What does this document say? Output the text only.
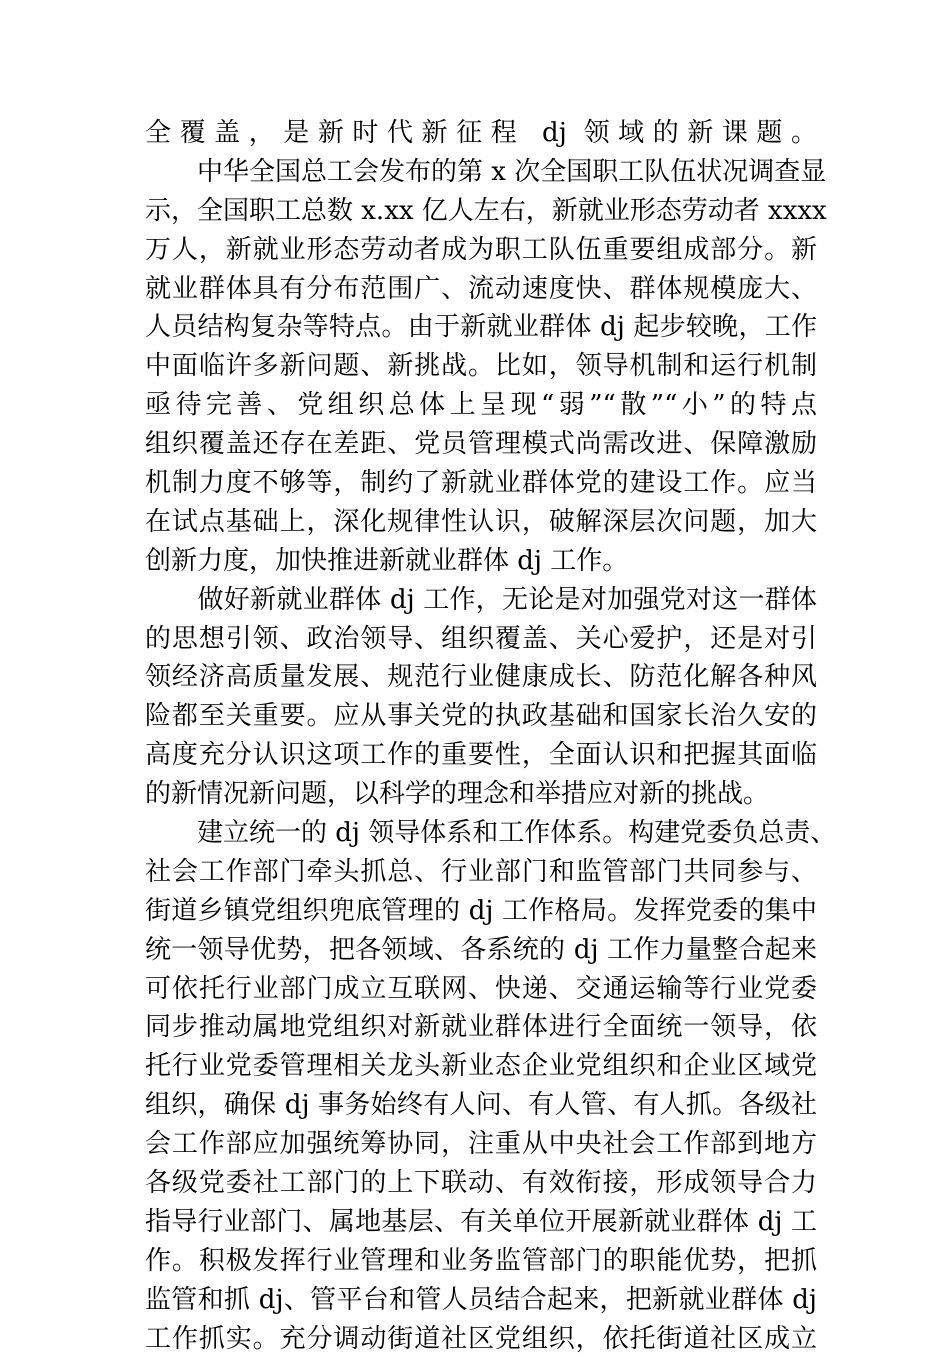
全覆盖，是新时代新征程 dj 领域的新课题。
　　中华全国总工会发布的第 x 次全国职工队伍状况调查显
示，全国职工总数 x.xx 亿人左右，新就业形态劳动者 xxxx
万人，新就业形态劳动者成为职工队伍重要组成部分。新
就业群体具有分布范围广、流动速度快、群体规模庞大、
人员结构复杂等特点。由于新就业群体 dj 起步较晚，工作
中面临许多新问题、新挑战。比如，领导机制和运行机制
亟待完善、党组织总体上呈现“弱”“散”“小”的特点
组织覆盖还存在差距、党员管理模式尚需改进、保障激励
机制力度不够等，制约了新就业群体党的建设工作。应当
在试点基础上，深化规律性认识，破解深层次问题，加大
创新力度，加快推进新就业群体 dj 工作。
　　做好新就业群体 dj 工作，无论是对加强党对这一群体
的思想引领、政治领导、组织覆盖、关心爱护，还是对引
领经济高质量发展、规范行业健康成长、防范化解各种风
险都至关重要。应从事关党的执政基础和国家长治久安的
高度充分认识这项工作的重要性，全面认识和把握其面临
的新情况新问题，以科学的理念和举措应对新的挑战。
　　建立统一的 dj 领导体系和工作体系。构建党委负总责、
社会工作部门牵头抓总、行业部门和监管部门共同参与、
街道乡镇党组织兜底管理的 dj 工作格局。发挥党委的集中
统一领导优势，把各领域、各系统的 dj 工作力量整合起来
可依托行业部门成立互联网、快递、交通运输等行业党委
同步推动属地党组织对新就业群体进行全面统一领导，依
托行业党委管理相关龙头新业态企业党组织和企业区域党
组织，确保 dj 事务始终有人问、有人管、有人抓。各级社
会工作部应加强统筹协同，注重从中央社会工作部到地方
各级党委社工部门的上下联动、有效衔接，形成领导合力
指导行业部门、属地基层、有关单位开展新就业群体 dj 工
作。积极发挥行业管理和业务监管部门的职能优势，把抓
监管和抓 dj、管平台和管人员结合起来，把新就业群体 dj
工作抓实。充分调动街道社区党组织，依托街道社区成立
